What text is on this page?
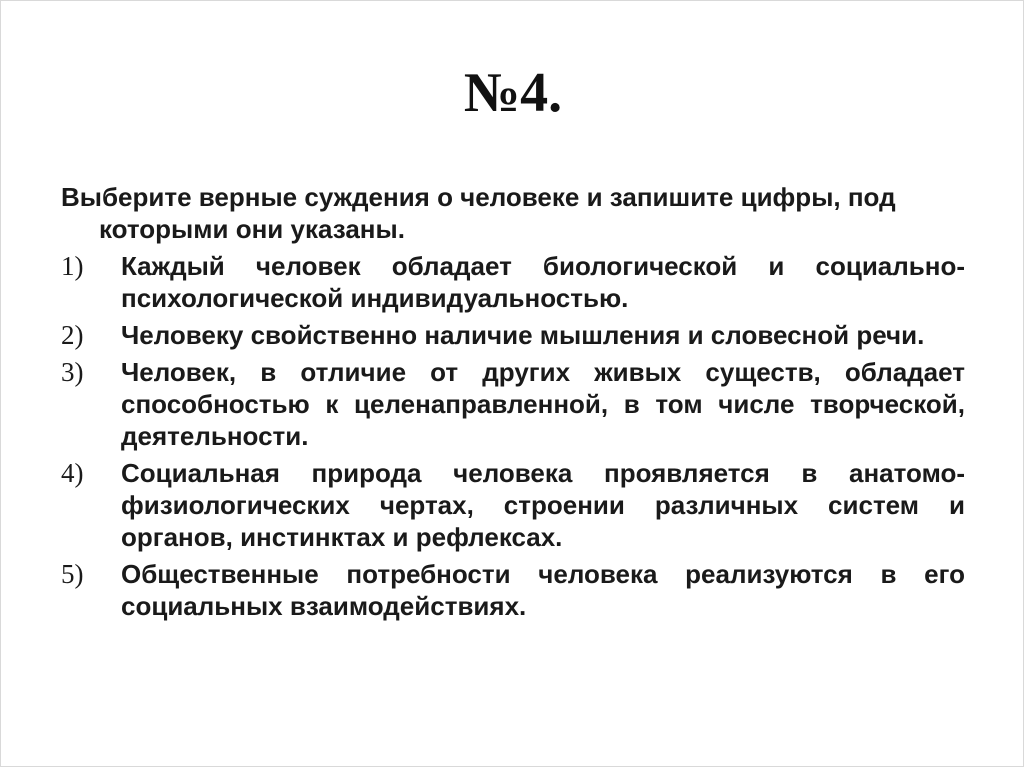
№4.

Выберите верные суждения о человеке и запишите цифры, под которыми они указаны.

1) Каждый человек обладает биологической и социально-психологической индивидуальностью.
2) Человеку свойственно наличие мышления и словесной речи.
3) Человек, в отличие от других живых существ, обладает способностью к целенаправленной, в том числе творческой, деятельности.
4) Социальная природа человека проявляется в анатомо-физиологических чертах, строении различных систем и органов, инстинктах и рефлексах.
5) Общественные потребности человека реализуются в его социальных взаимодействиях.
